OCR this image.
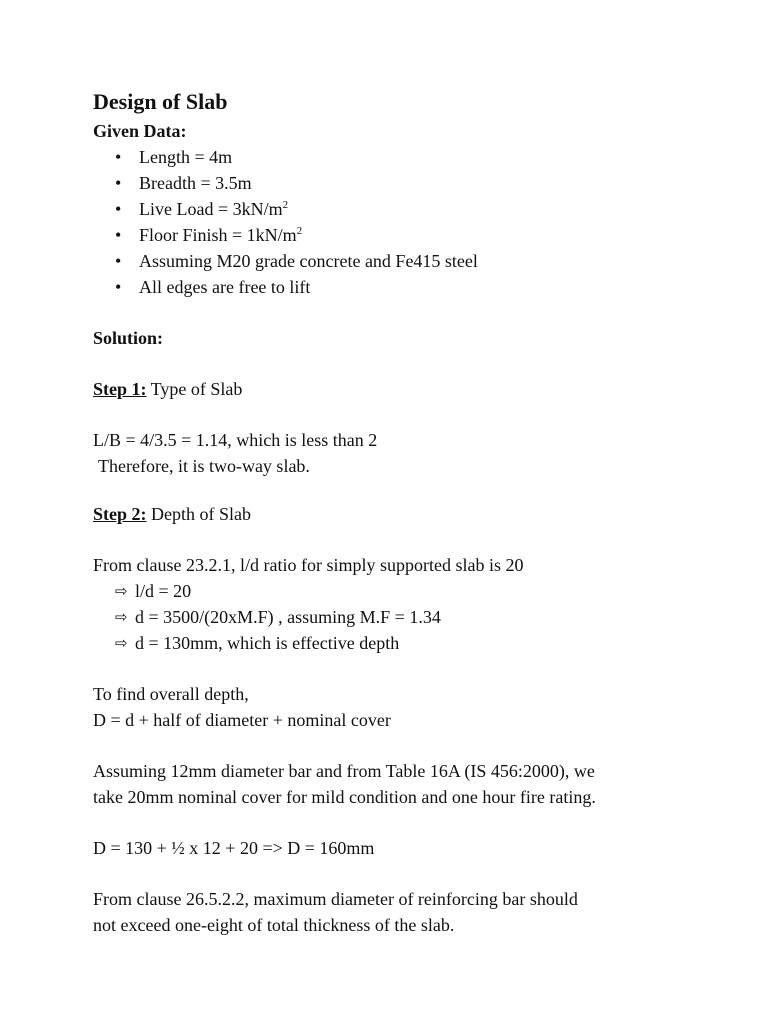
Design of Slab

Given Data:

• Length = 4m
• Breadth = 3.5m
• Live Load = $3kN/m^2$
• Floor Finish = $1kN/m^2$
• Assuming M20 grade concrete and Fe415 steel
• All edges are free to lift

Solution:

Step 1: Type of Slab

L/B = 4/3.5 = 1.14, which is less than 2

Therefore, it is two-way slab.

Step 2: Depth of Slab

From clause 23.2.1, l/d ratio for simply supported slab is 20

⇨ l/d = 20
⇨ d = 3500/(20xM.F) , assuming M.F = 1.34
⇨ d = 130mm, which is effective depth

To find overall depth,

D = d + half of diameter + nominal cover

Assuming 12mm diameter bar and from Table 16A (IS 456:2000), we

take 20mm nominal cover for mild condition and one hour fire rating.

D = 130 + ½ x 12 + 20 => D = 160mm

From clause 26.5.2.2, maximum diameter of reinforcing bar should

not exceed one-eight of total thickness of the slab.
